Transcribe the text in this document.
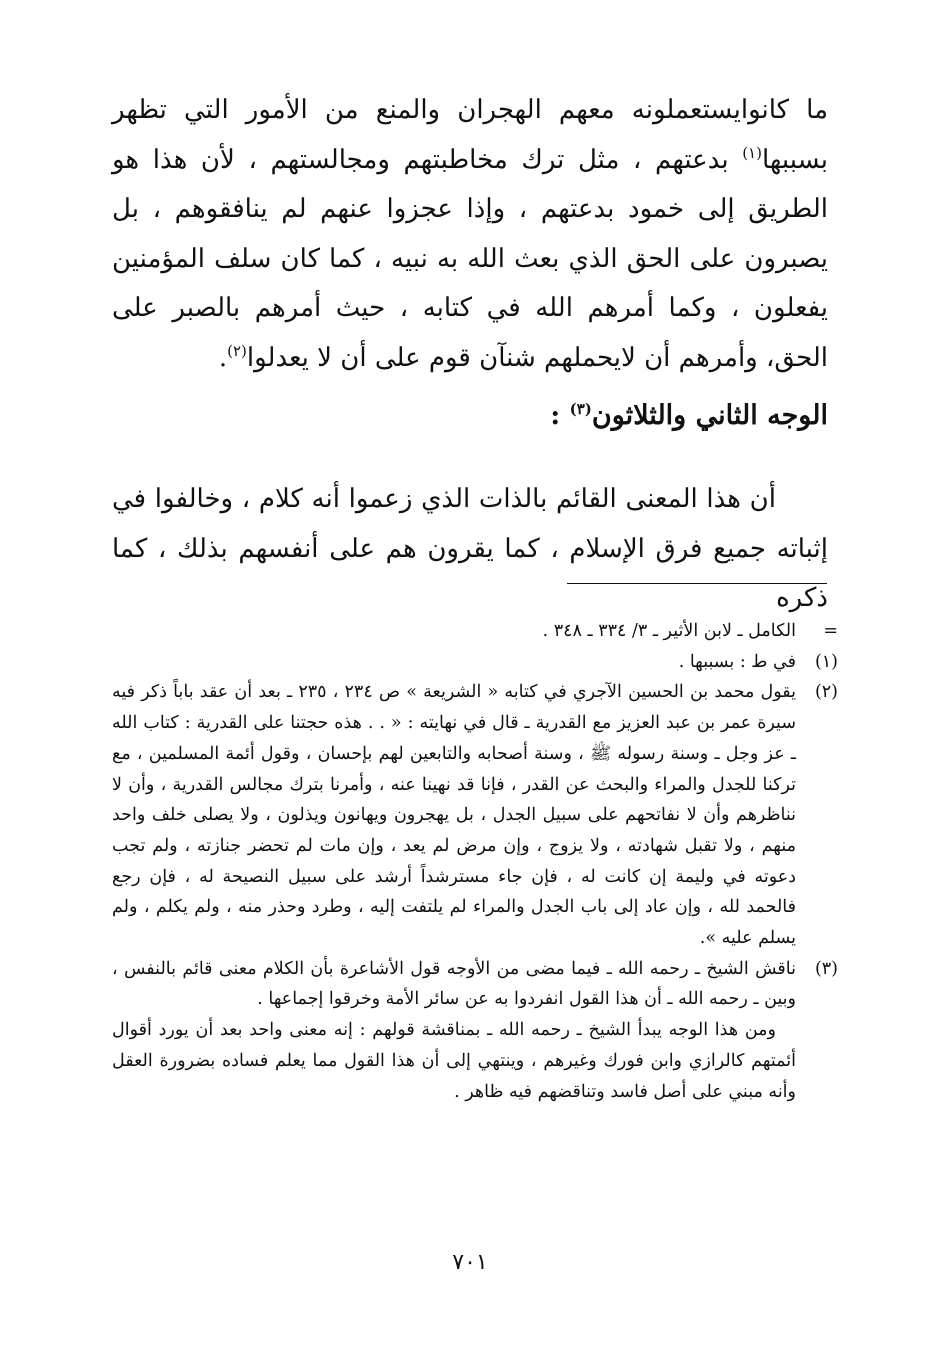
ما كانوايستعملونه معهم الهجران والمنع من الأمور التي تظهر بسببها$^{(١)}$ بدعتهم ، مثل ترك مخاطبتهم ومجالستهم ، لأن هذا هو الطريق إلى خمود بدعتهم ، وإذا عجزوا عنهم لم ينافقوهم ، بل يصبرون على الحق الذي بعث الله به نبيه ، كما كان سلف المؤمنين يفعلون ، وكما أمرهم الله في كتابه ، حيث أمرهم بالصبر على الحق، وأمرهم أن لايحملهم شنآن قوم على أن لا يعدلوا$^{(٢)}$.

الوجه الثاني والثلاثون$^{(٣)}$ :

أن هذا المعنى القائم بالذات الذي زعموا أنه كلام ، وخالفوا في إثباته جميع فرق الإسلام ، كما يقرون هم على أنفسهم بذلك ، كما ذكره

=
الكامل ـ لابن الأثير ـ ٣/ ٣٣٤ ـ ٣٤٨ .
(١)
في ط : بسببها .
(٢)
يقول محمد بن الحسين الآجري في كتابه « الشريعة » ص ٢٣٤ ، ٢٣٥ ـ بعد أن عقد باباً ذكر فيه سيرة عمر بن عبد العزيز مع القدرية ـ قال في نهايته : « . . هذه حجتنا على القدرية : كتاب الله ـ عز وجل ـ وسنة رسوله ﷺ ، وسنة أصحابه والتابعين لهم بإحسان ، وقول أئمة المسلمين ، مع تركنا للجدل والمراء والبحث عن القدر ، فإنا قد نهينا عنه ، وأمرنا بترك مجالس القدرية ، وأن لا نناظرهم وأن لا نفاتحهم على سبيل الجدل ، بل يهجرون ويهانون ويذلون ، ولا يصلى خلف واحد منهم ، ولا تقبل شهادته ، ولا يزوج ، وإن مرض لم يعد ، وإن مات لم تحضر جنازته ، ولم تجب دعوته في وليمة إن كانت له ، فإن جاء مسترشداً أرشد على سبيل النصيحة له ، فإن رجع فالحمد لله ، وإن عاد إلى باب الجدل والمراء لم يلتفت إليه ، وطرد وحذر منه ، ولم يكلم ، ولم يسلم عليه ».
(٣)
ناقش الشيخ ـ رحمه الله ـ فيما مضى من الأوجه قول الأشاعرة بأن الكلام معنى قائم بالنفس ، وبين ـ رحمه الله ـ أن هذا القول انفردوا به عن سائر الأمة وخرقوا إجماعها .
ومن هذا الوجه يبدأ الشيخ ـ رحمه الله ـ بمناقشة قولهم : إنه معنى واحد بعد أن يورد أقوال أئمتهم كالرازي وابن فورك وغيرهم ، وينتهي إلى أن هذا القول مما يعلم فساده بضرورة العقل وأنه مبني على أصل فاسد وتناقضهم فيه ظاهر .
٧٠١
